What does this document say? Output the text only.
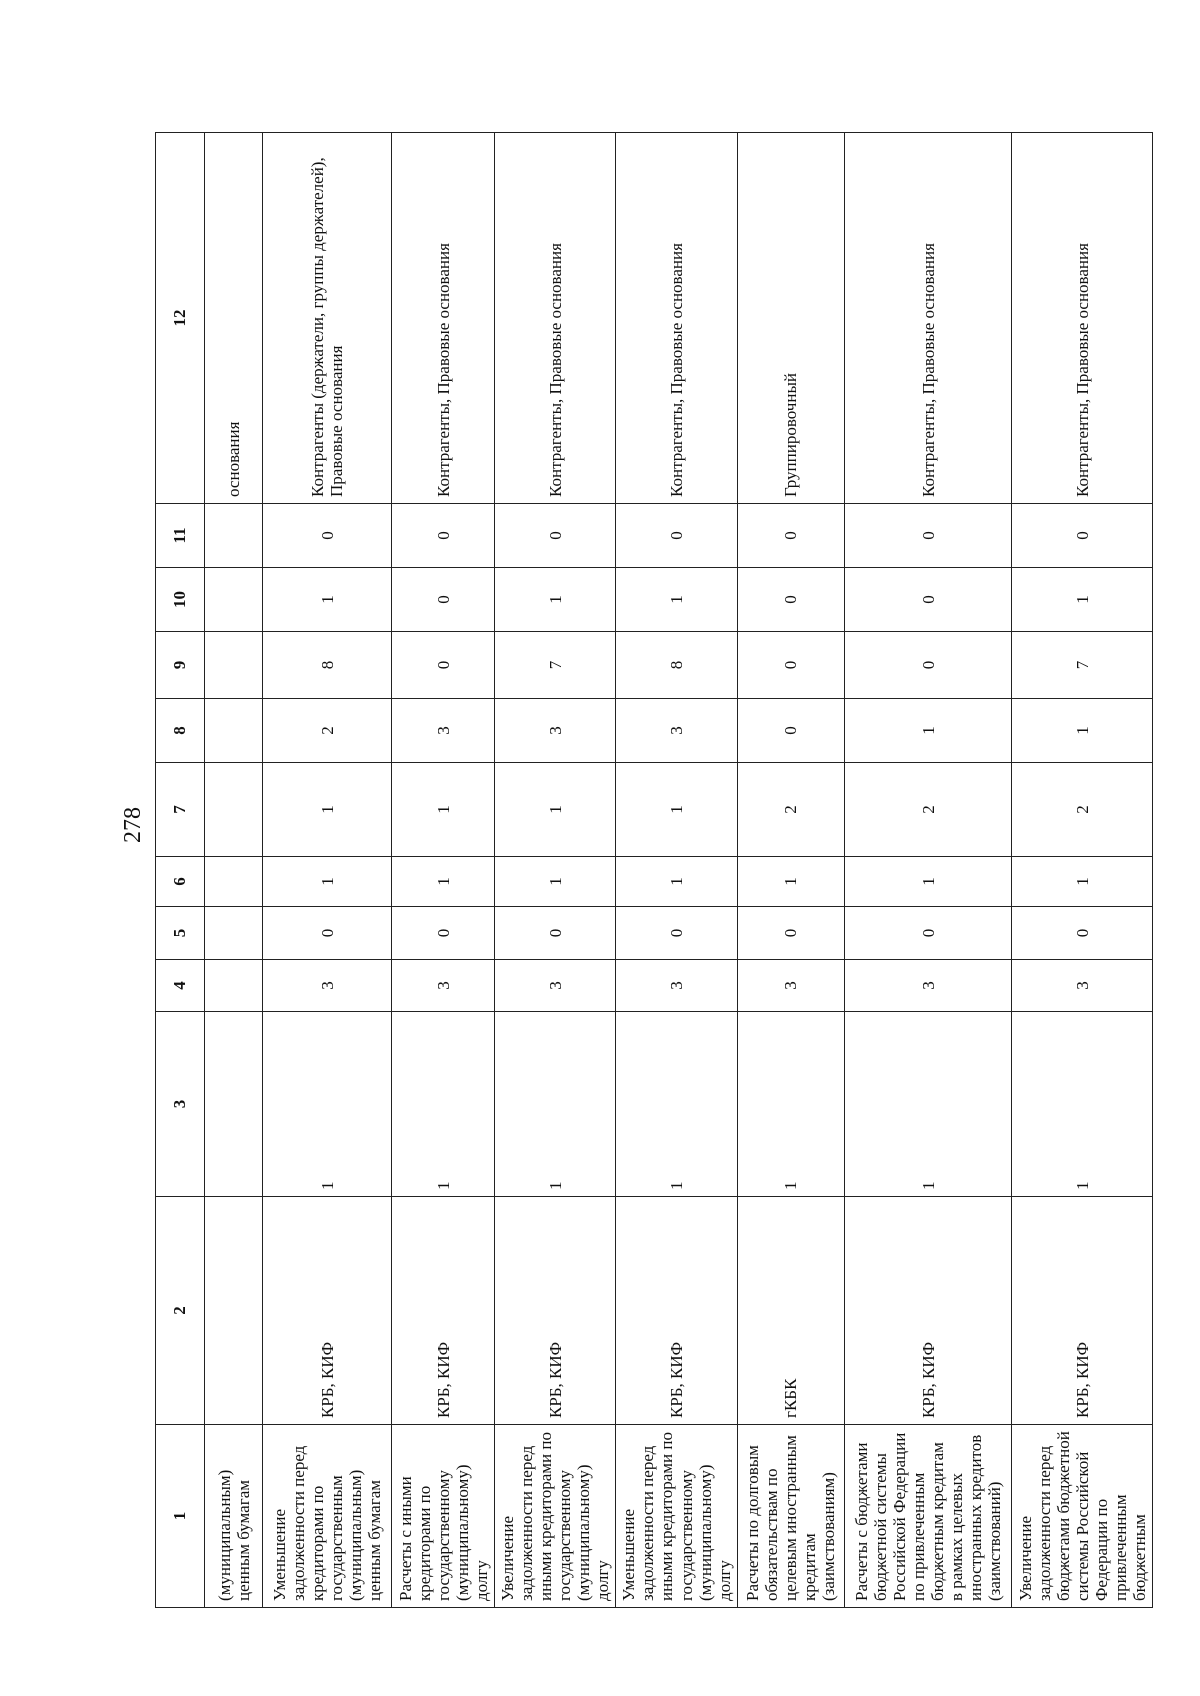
278
1	2	3	4	5	6	7	8	9	10	11	12
(муниципальным) ценным бумагам											основания
Уменьшение задолженности перед кредиторами по государственным (муниципальным) ценным бумагам	КРБ, КИФ	1	3	0	1	1	2	8	1	0	Контрагенты (держатели, группы держателей), Правовые основания
Расчеты с иными кредиторами по государственному (муниципальному) долгу	КРБ, КИФ	1	3	0	1	1	3	0	0	0	Контрагенты, Правовые основания
Увеличение задолженности перед иными кредиторами по государственному (муниципальному) долгу	КРБ, КИФ	1	3	0	1	1	3	7	1	0	Контрагенты, Правовые основания
Уменьшение задолженности перед иными кредиторами по государственному (муниципальному) долгу	КРБ, КИФ	1	3	0	1	1	3	8	1	0	Контрагенты, Правовые основания
Расчеты по долговым обязательствам по целевым иностранным кредитам (заимствованиям)	гКБК	1	3	0	1	2	0	0	0	0	Группировочный
Расчеты с бюджетами бюджетной системы Российской Федерации по привлеченным бюджетным кредитам в рамках целевых иностранных кредитов (заимствований)	КРБ, КИФ	1	3	0	1	2	1	0	0	0	Контрагенты, Правовые основания
Увеличение задолженности перед бюджетами бюджетной системы Российской Федерации по привлеченным бюджетным	КРБ, КИФ	1	3	0	1	2	1	7	1	0	Контрагенты, Правовые основания
